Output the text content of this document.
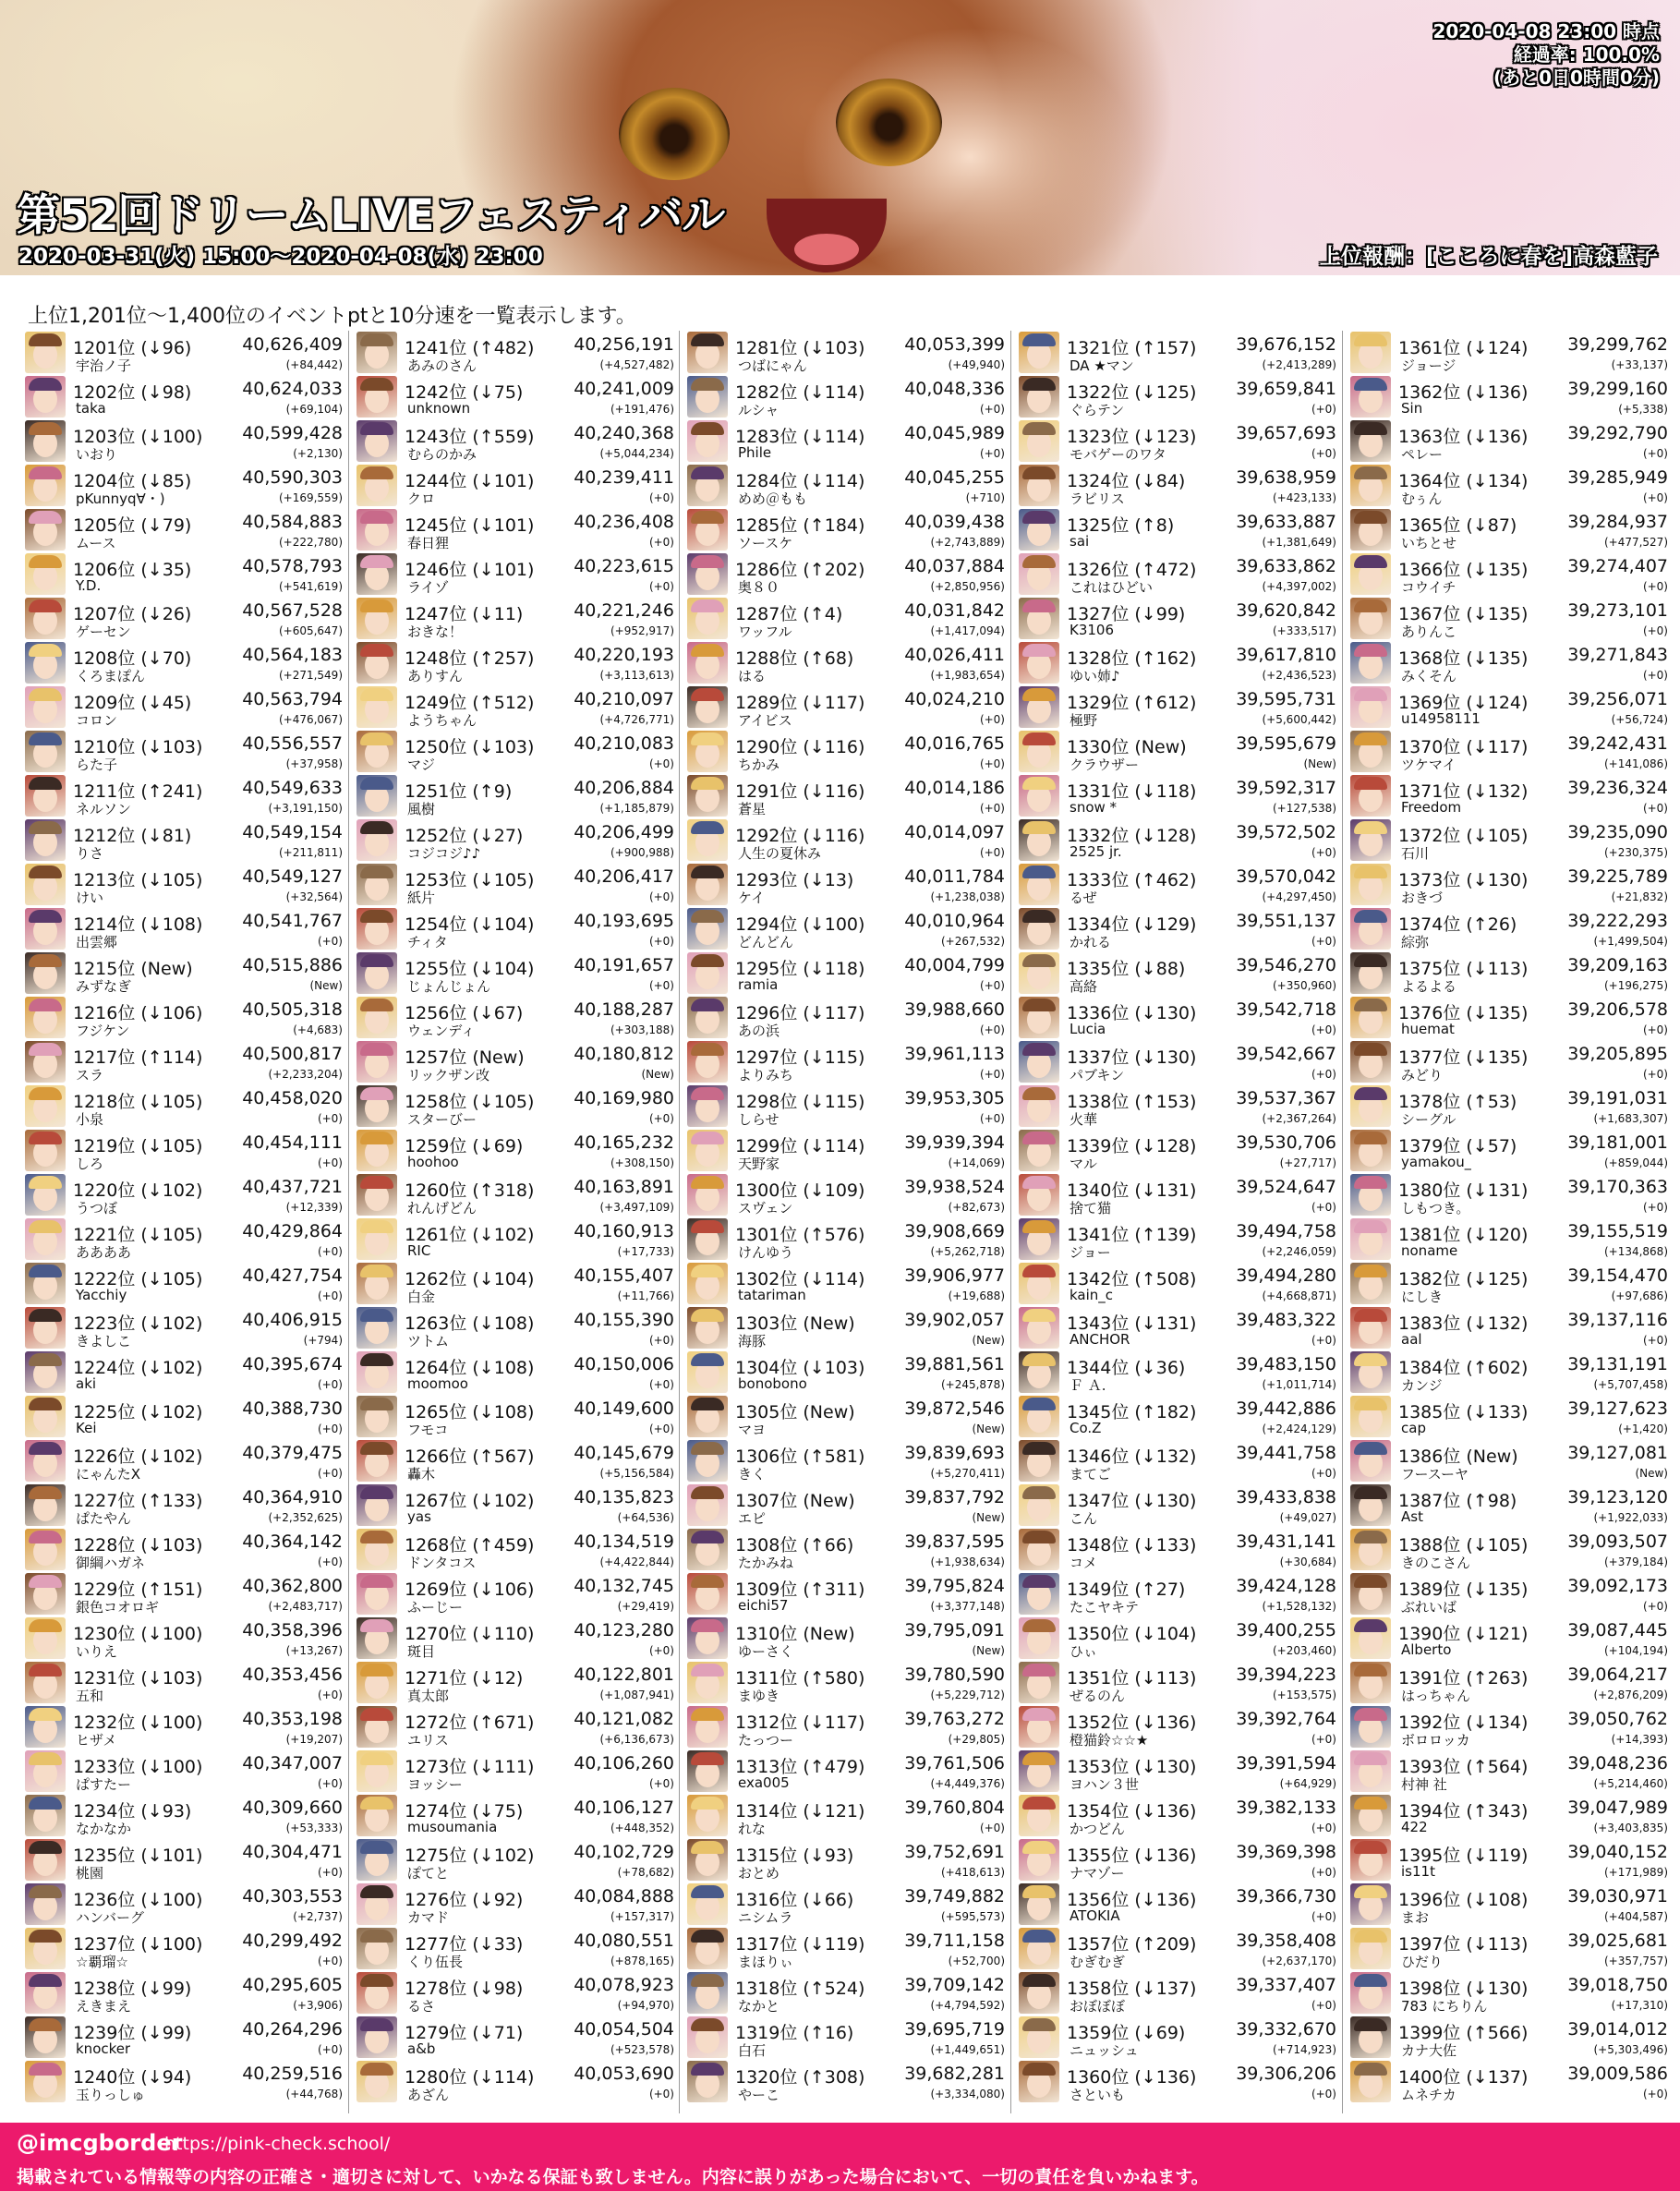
第52回ドリームLIVEフェスティバル
2020-03-31(火) 15:00～2020-04-08(水) 23:00	上位報酬：[こころに春を]高森藍子
2020-04-08 23:00 時点
経過率: 100.0%
(あと0日0時間0分)
上位1,201位～1,400位のイベントptと10分速を一覧表示します。
1201位 (↓96)	40,626,409
宇治ノ子	(+84,442)
1202位 (↓98)	40,624,033
taka	(+69,104)
1203位 (↓100) 40,599,428
いおり	(+2,130)
1204位 (↓85)	40,590,303
pKunnyq∀・)	(+169,559)
1205位 (↓79)	40,584,883
ムース	(+222,780)
1206位 (↓35)	40,578,793
Y.D.	(+541,619)
1207位 (↓26)	40,567,528
ゲーセン	(+605,647)
1208位 (↓70)	40,564,183
くろまぽん	(+271,549)
1209位 (↓45)	40,563,794
コロン	(+476,067)
1210位 (↓103) 40,556,557
らた子	(+37,958)
1211位 (↑241) 40,549,633
ネルソン	(+3,191,150)
1212位 (↓81)	40,549,154
りさ	(+211,811)
1213位 (↓105) 40,549,127
けい	(+32,564)
1214位 (↓108) 40,541,767
出雲郷	(+0)
1215位 (New)	40,515,886
みずなぎ	(New)
1216位 (↓106) 40,505,318
フジケン	(+4,683)
1217位 (↑114) 40,500,817
スラ	(+2,233,204)
1218位 (↓105) 40,458,020
小泉	(+0)
1219位 (↓105) 40,454,111
しろ	(+0)
1220位 (↓102) 40,437,721
うつぼ	(+12,339)
1221位 (↓105) 40,429,864
ああああ	(+0)
1222位 (↓105) 40,427,754
Yacchiy	(+0)
1223位 (↓102) 40,406,915
きよしこ	(+794)
1224位 (↓102) 40,395,674
aki	(+0)
1225位 (↓102) 40,388,730
Kei	(+0)
1226位 (↓102) 40,379,475
にゃんたX	(+0)
1227位 (↑133) 40,364,910
ぱたやん	(+2,352,625)
1228位 (↓103) 40,364,142
御綱ハガネ	(+0)
1229位 (↑151) 40,362,800
銀色コオロギ	(+2,483,717)
1230位 (↓100) 40,358,396
いりえ	(+13,267)
1231位 (↓103) 40,353,456
五和	(+0)
1232位 (↓100) 40,353,198
ヒザメ	(+19,207)
1233位 (↓100) 40,347,007
ぱすたー	(+0)
1234位 (↓93)	40,309,660
なかなか	(+53,333)
1235位 (↓101) 40,304,471
桃園	(+0)
1236位 (↓100) 40,303,553
ハンバーグ	(+2,737)
1237位 (↓100) 40,299,492
☆覇瑠☆	(+0)
1238位 (↓99)	40,295,605
えきまえ	(+3,906)
1239位 (↓99)	40,264,296
knocker	(+0)
1240位 (↓94)	40,259,516
玉りっしゅ	(+44,768)
1241位 (↑482) 40,256,191
あみのさん	(+4,527,482)
1242位 (↓75)	40,241,009
unknown	(+191,476)
1243位 (↑559) 40,240,368
むらのかみ	(+5,044,234)
1244位 (↓101) 40,239,411
クロ	(+0)
1245位 (↓101) 40,236,408
春日狸	(+0)
1246位 (↓101) 40,223,615
ライゾ	(+0)
1247位 (↓11)	40,221,246
おきな！	(+952,917)
1248位 (↑257) 40,220,193
ありすん	(+3,113,613)
1249位 (↑512) 40,210,097
ようちゃん	(+4,726,771)
1250位 (↓103) 40,210,083
マジ	(+0)
1251位 (↑9)	40,206,884
風樹	(+1,185,879)
1252位 (↓27)	40,206,499
コジコジ♪♪	(+900,988)
1253位 (↓105) 40,206,417
紙片	(+0)
1254位 (↓104) 40,193,695
チィタ	(+0)
1255位 (↓104) 40,191,657
じょんじょん	(+0)
1256位 (↓67)	40,188,287
ウェンディ	(+303,188)
1257位 (New)	40,180,812
リックザン改	(New)
1258位 (↓105) 40,169,980
スターびー	(+0)
1259位 (↓69)	40,165,232
hoohoo	(+308,150)
1260位 (↑318) 40,163,891
れんげどん	(+3,497,109)
1261位 (↓102) 40,160,913
RIC	(+17,733)
1262位 (↓104) 40,155,407
白金	(+11,766)
1263位 (↓108) 40,155,390
ツトム	(+0)
1264位 (↓108) 40,150,006
moomoo	(+0)
1265位 (↓108) 40,149,600
フモコ	(+0)
1266位 (↑567) 40,145,679
轟木	(+5,156,584)
1267位 (↓102) 40,135,823
yas	(+64,536)
1268位 (↑459) 40,134,519
ドンタコス	(+4,422,844)
1269位 (↓106) 40,132,745
ふーじー	(+29,419)
1270位 (↓110) 40,123,280
斑目	(+0)
1271位 (↓12)	40,122,801
真太郎	(+1,087,941)
1272位 (↑671) 40,121,082
ユリス	(+6,136,673)
1273位 (↓111) 40,106,260
ヨッシー	(+0)
1274位 (↓75)	40,106,127
musoumania	(+448,352)
1275位 (↓102) 40,102,729
ぽてと	(+78,682)
1276位 (↓92)	40,084,888
カマド	(+157,317)
1277位 (↓33)	40,080,551
くり伍長	(+878,165)
1278位 (↓98)	40,078,923
るさ	(+94,970)
1279位 (↓71)	40,054,504
a&b	(+523,578)
1280位 (↓114) 40,053,690
あざん	(+0)
1281位 (↓103) 40,053,399
つばにゃん	(+49,940)
1282位 (↓114) 40,048,336
ルシャ	(+0)
1283位 (↓114) 40,045,989
Phile	(+0)
1284位 (↓114) 40,045,255
めめ＠もも	(+710)
1285位 (↑184) 40,039,438
ソースケ	(+2,743,889)
1286位 (↑202) 40,037,884
奥８０	(+2,850,956)
1287位 (↑4)	40,031,842
ワッフル	(+1,417,094)
1288位 (↑68)	40,026,411
はる	(+1,983,654)
1289位 (↓117) 40,024,210
アイビス	(+0)
1290位 (↓116) 40,016,765
ちかみ	(+0)
1291位 (↓116) 40,014,186
蒼星	(+0)
1292位 (↓116) 40,014,097
人生の夏休み	(+0)
1293位 (↓13)	40,011,784
ケイ	(+1,238,038)
1294位 (↓100) 40,010,964
どんどん	(+267,532)
1295位 (↓118) 40,004,799
ramia	(+0)
1296位 (↓117) 39,988,660
あの浜	(+0)
1297位 (↓115) 39,961,113
よりみち	(+0)
1298位 (↓115) 39,953,305
しらせ	(+0)
1299位 (↓114) 39,939,394
天野家	(+14,069)
1300位 (↓109) 39,938,524
スヴェン	(+82,673)
1301位 (↑576) 39,908,669
けんゆう	(+5,262,718)
1302位 (↓114) 39,906,977
tatariman	(+19,688)
1303位 (New)	39,902,057
海豚	(New)
1304位 (↓103) 39,881,561
bonobono	(+245,878)
1305位 (New)	39,872,546
マヨ	(New)
1306位 (↑581) 39,839,693
きく	(+5,270,411)
1307位 (New)	39,837,792
エピ	(New)
1308位 (↑66)	39,837,595
たかみね	(+1,938,634)
1309位 (↑311) 39,795,824
eichi57	(+3,377,148)
1310位 (New)	39,795,091
ゆーさく	(New)
1311位 (↑580) 39,780,590
まゆき	(+5,229,712)
1312位 (↓117) 39,763,272
たっつー	(+29,805)
1313位 (↑479) 39,761,506
exa005	(+4,449,376)
1314位 (↓121) 39,760,804
れな	(+0)
1315位 (↓93)	39,752,691
おとめ	(+418,613)
1316位 (↓66)	39,749,882
ニシムラ	(+595,573)
1317位 (↓119) 39,711,158
まほりぃ	(+52,700)
1318位 (↑524) 39,709,142
なかと	(+4,794,592)
1319位 (↑16)	39,695,719
白石	(+1,449,651)
1320位 (↑308) 39,682,281
やーこ	(+3,334,080)
1321位 (↑157) 39,676,152
DA ★マン	(+2,413,289)
1322位 (↓125) 39,659,841
ぐらテン	(+0)
1323位 (↓123) 39,657,693
モバゲーのワタ	(+0)
1324位 (↓84)	39,638,959
ラビリス	(+423,133)
1325位 (↑8)	39,633,887
sai	(+1,381,649)
1326位 (↑472) 39,633,862
これはひどい	(+4,397,002)
1327位 (↓99)	39,620,842
K3106	(+333,517)
1328位 (↑162) 39,617,810
ゆい姉♪	(+2,436,523)
1329位 (↑612) 39,595,731
極野	(+5,600,442)
1330位 (New)	39,595,679
クラウザー	(New)
1331位 (↓118) 39,592,317
snow *	(+127,538)
1332位 (↓128) 39,572,502
2525 jr.	(+0)
1333位 (↑462) 39,570,042
るぜ	(+4,297,450)
1334位 (↓129) 39,551,137
かれる	(+0)
1335位 (↓88)	39,546,270
高絡	(+350,960)
1336位 (↓130) 39,542,718
Lucia	(+0)
1337位 (↓130) 39,542,667
パブキン	(+0)
1338位 (↑153) 39,537,367
火華	(+2,367,264)
1339位 (↓128) 39,530,706
マル	(+27,717)
1340位 (↓131) 39,524,647
捨て猫	(+0)
1341位 (↑139) 39,494,758
ジョー	(+2,246,059)
1342位 (↑508) 39,494,280
kain_c	(+4,668,871)
1343位 (↓131) 39,483,322
ANCHOR	(+0)
1344位 (↓36)	39,483,150
Ｆ Ａ.	(+1,011,714)
1345位 (↑182) 39,442,886
Co.Z	(+2,424,129)
1346位 (↓132) 39,441,758
まてご	(+0)
1347位 (↓130) 39,433,838
こん	(+49,027)
1348位 (↓133) 39,431,141
コメ	(+30,684)
1349位 (↑27)	39,424,128
たこヤキテ	(+1,528,132)
1350位 (↓104) 39,400,255
ひぃ	(+203,460)
1351位 (↓113) 39,394,223
ぜるのん	(+153,575)
1352位 (↓136) 39,392,764
橙猫鈴☆☆★	(+0)
1353位 (↓130) 39,391,594
ヨハン３世	(+64,929)
1354位 (↓136) 39,382,133
かつどん	(+0)
1355位 (↓136) 39,369,398
ナマゾー	(+0)
1356位 (↓136) 39,366,730
ATOKIA	(+0)
1357位 (↑209) 39,358,408
むぎむぎ	(+2,637,170)
1358位 (↓137) 39,337,407
おぼぼぼ	(+0)
1359位 (↓69)	39,332,670
ニュッシュ	(+714,923)
1360位 (↓136) 39,306,206
さといも	(+0)
1361位 (↓124) 39,299,762
ジョージ	(+33,137)
1362位 (↓136) 39,299,160
Sin	(+5,338)
1363位 (↓136) 39,292,790
ペレー	(+0)
1364位 (↓134) 39,285,949
むぅん	(+0)
1365位 (↓87)	39,284,937
いちとせ	(+477,527)
1366位 (↓135) 39,274,407
コウイチ	(+0)
1367位 (↓135) 39,273,101
ありんこ	(+0)
1368位 (↓135) 39,271,843
みくそん	(+0)
1369位 (↓124) 39,256,071
u14958111	(+56,724)
1370位 (↓117) 39,242,431
ツケマイ	(+141,086)
1371位 (↓132) 39,236,324
Freedom	(+0)
1372位 (↓105) 39,235,090
石川	(+230,375)
1373位 (↓130) 39,225,789
おきづ	(+21,832)
1374位 (↑26)	39,222,293
綜弥	(+1,499,504)
1375位 (↓113) 39,209,163
よるよる	(+196,275)
1376位 (↓135) 39,206,578
huemat	(+0)
1377位 (↓135) 39,205,895
みどり	(+0)
1378位 (↑53)	39,191,031
シーグル	(+1,683,307)
1379位 (↓57)	39,181,001
yamakou_	(+859,044)
1380位 (↓131) 39,170,363
しもつき。	(+0)
1381位 (↓120) 39,155,519
noname	(+134,868)
1382位 (↓125) 39,154,470
にしき	(+97,686)
1383位 (↓132) 39,137,116
aal	(+0)
1384位 (↑602) 39,131,191
カンジ	(+5,707,458)
1385位 (↓133) 39,127,623
cap	(+1,420)
1386位 (New)	39,127,081
フースーヤ	(New)
1387位 (↑98)	39,123,120
Ast	(+1,922,033)
1388位 (↓105) 39,093,507
きのこさん	(+379,184)
1389位 (↓135) 39,092,173
ぶれいば	(+0)
1390位 (↓121) 39,087,445
Alberto	(+104,194)
1391位 (↑263) 39,064,217
はっちゃん	(+2,876,209)
1392位 (↓134) 39,050,762
ボロロッカ	(+14,393)
1393位 (↑564) 39,048,236
村神 社	(+5,214,460)
1394位 (↑343) 39,047,989
422	(+3,403,835)
1395位 (↓119) 39,040,152
is11t	(+171,989)
1396位 (↓108) 39,030,971
まお	(+404,587)
1397位 (↓113) 39,025,681
ひだり	(+357,757)
1398位 (↓130) 39,018,750
783 にちりん	(+17,310)
1399位 (↑566) 39,014,012
カナ大佐	(+5,303,496)
1400位 (↓137) 39,009,586
ムネチカ	(+0)
@imcgborder
https://pink-check.school/
掲載されている情報等の内容の正確さ・適切さに対して、いかなる保証も致しません。内容に誤りがあった場合において、一切の責任を負いかねます。
